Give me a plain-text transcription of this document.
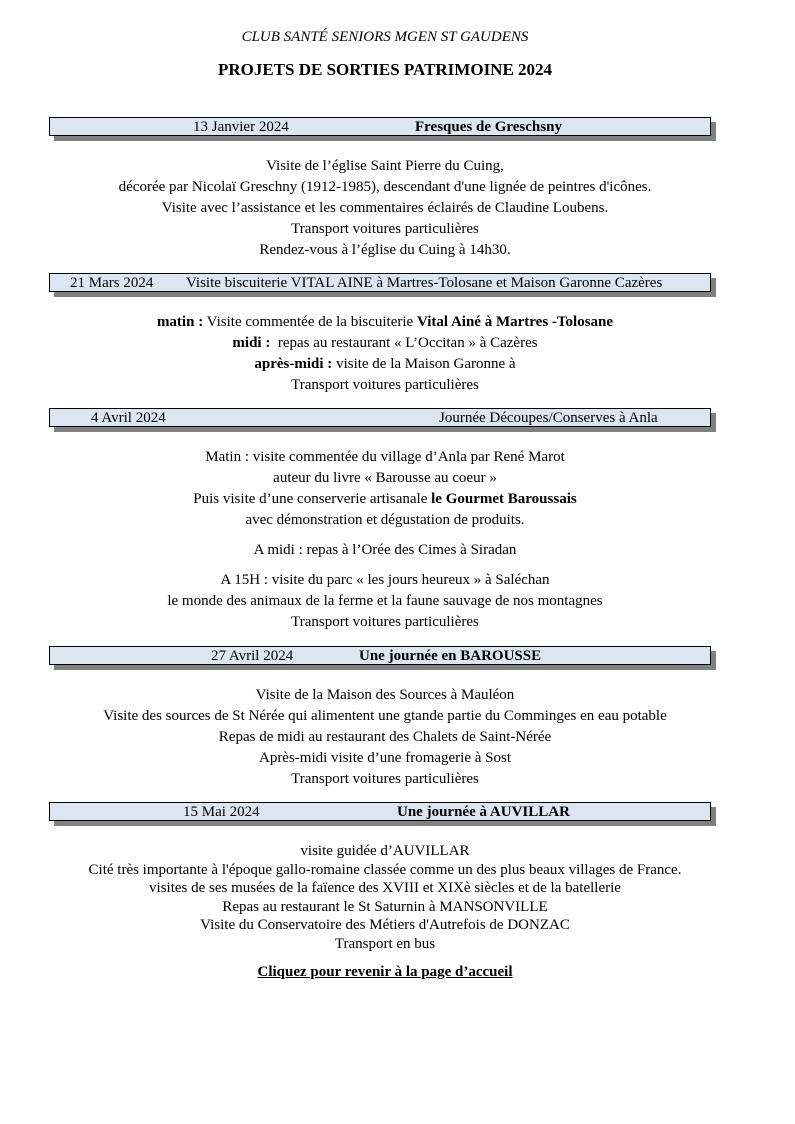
CLUB SANTÉ SENIORS MGEN ST GAUDENS
PROJETS DE SORTIES PATRIMOINE 2024
13 Janvier 2024	Fresques de Greschsny
Visite de l’église Saint Pierre du Cuing,
décorée par Nicolaï Greschny (1912-1985), descendant d'une lignée de peintres d'icônes.
Visite avec l’assistance et les commentaires éclairés de Claudine Loubens.
Transport voitures particulières
Rendez-vous à l’église du Cuing à 14h30.
21 Mars 2024 Visite biscuiterie VITAL AINE à Martres-Tolosane et Maison Garonne Cazères
matin : Visite commentée de la biscuiterie Vital Ainé à Martres -Tolosane
midi :  repas au restaurant « L’Occitan » à Cazères
après-midi : visite de la Maison Garonne à
Transport voitures particulières
4 Avril 2024	Journée Découpes/Conserves à Anla
Matin : visite commentée du village d’Anla par René Marot
auteur du livre « Barousse au coeur »
Puis visite d’une conserverie artisanale le Gourmet Baroussais
avec démonstration et dégustation de produits.
A midi : repas à l’Orée des Cimes à Siradan
A 15H : visite du parc « les jours heureux » à Saléchan
le monde des animaux de la ferme et la faune sauvage de nos montagnes
Transport voitures particulières
27 Avril 2024	Une journée en BAROUSSE
Visite de la Maison des Sources à Mauléon
Visite des sources de St Nérée qui alimentent une gtande partie du Comminges en eau potable
Repas de midi au restaurant des Chalets de Saint-Nérée
Après-midi visite d’une fromagerie à Sost
Transport voitures particulières
15 Mai 2024	Une journée à AUVILLAR
visite guidée d’AUVILLAR
Cité très importante à l'époque gallo-romaine classée comme un des plus beaux villages de France.
visites de ses musées de la faïence des XVIII et XIXè siècles et de la batellerie
Repas au restaurant le St Saturnin à MANSONVILLE
Visite du Conservatoire des Métiers d'Autrefois de DONZAC
Transport en bus
Cliquez pour revenir à la page d’accueil
